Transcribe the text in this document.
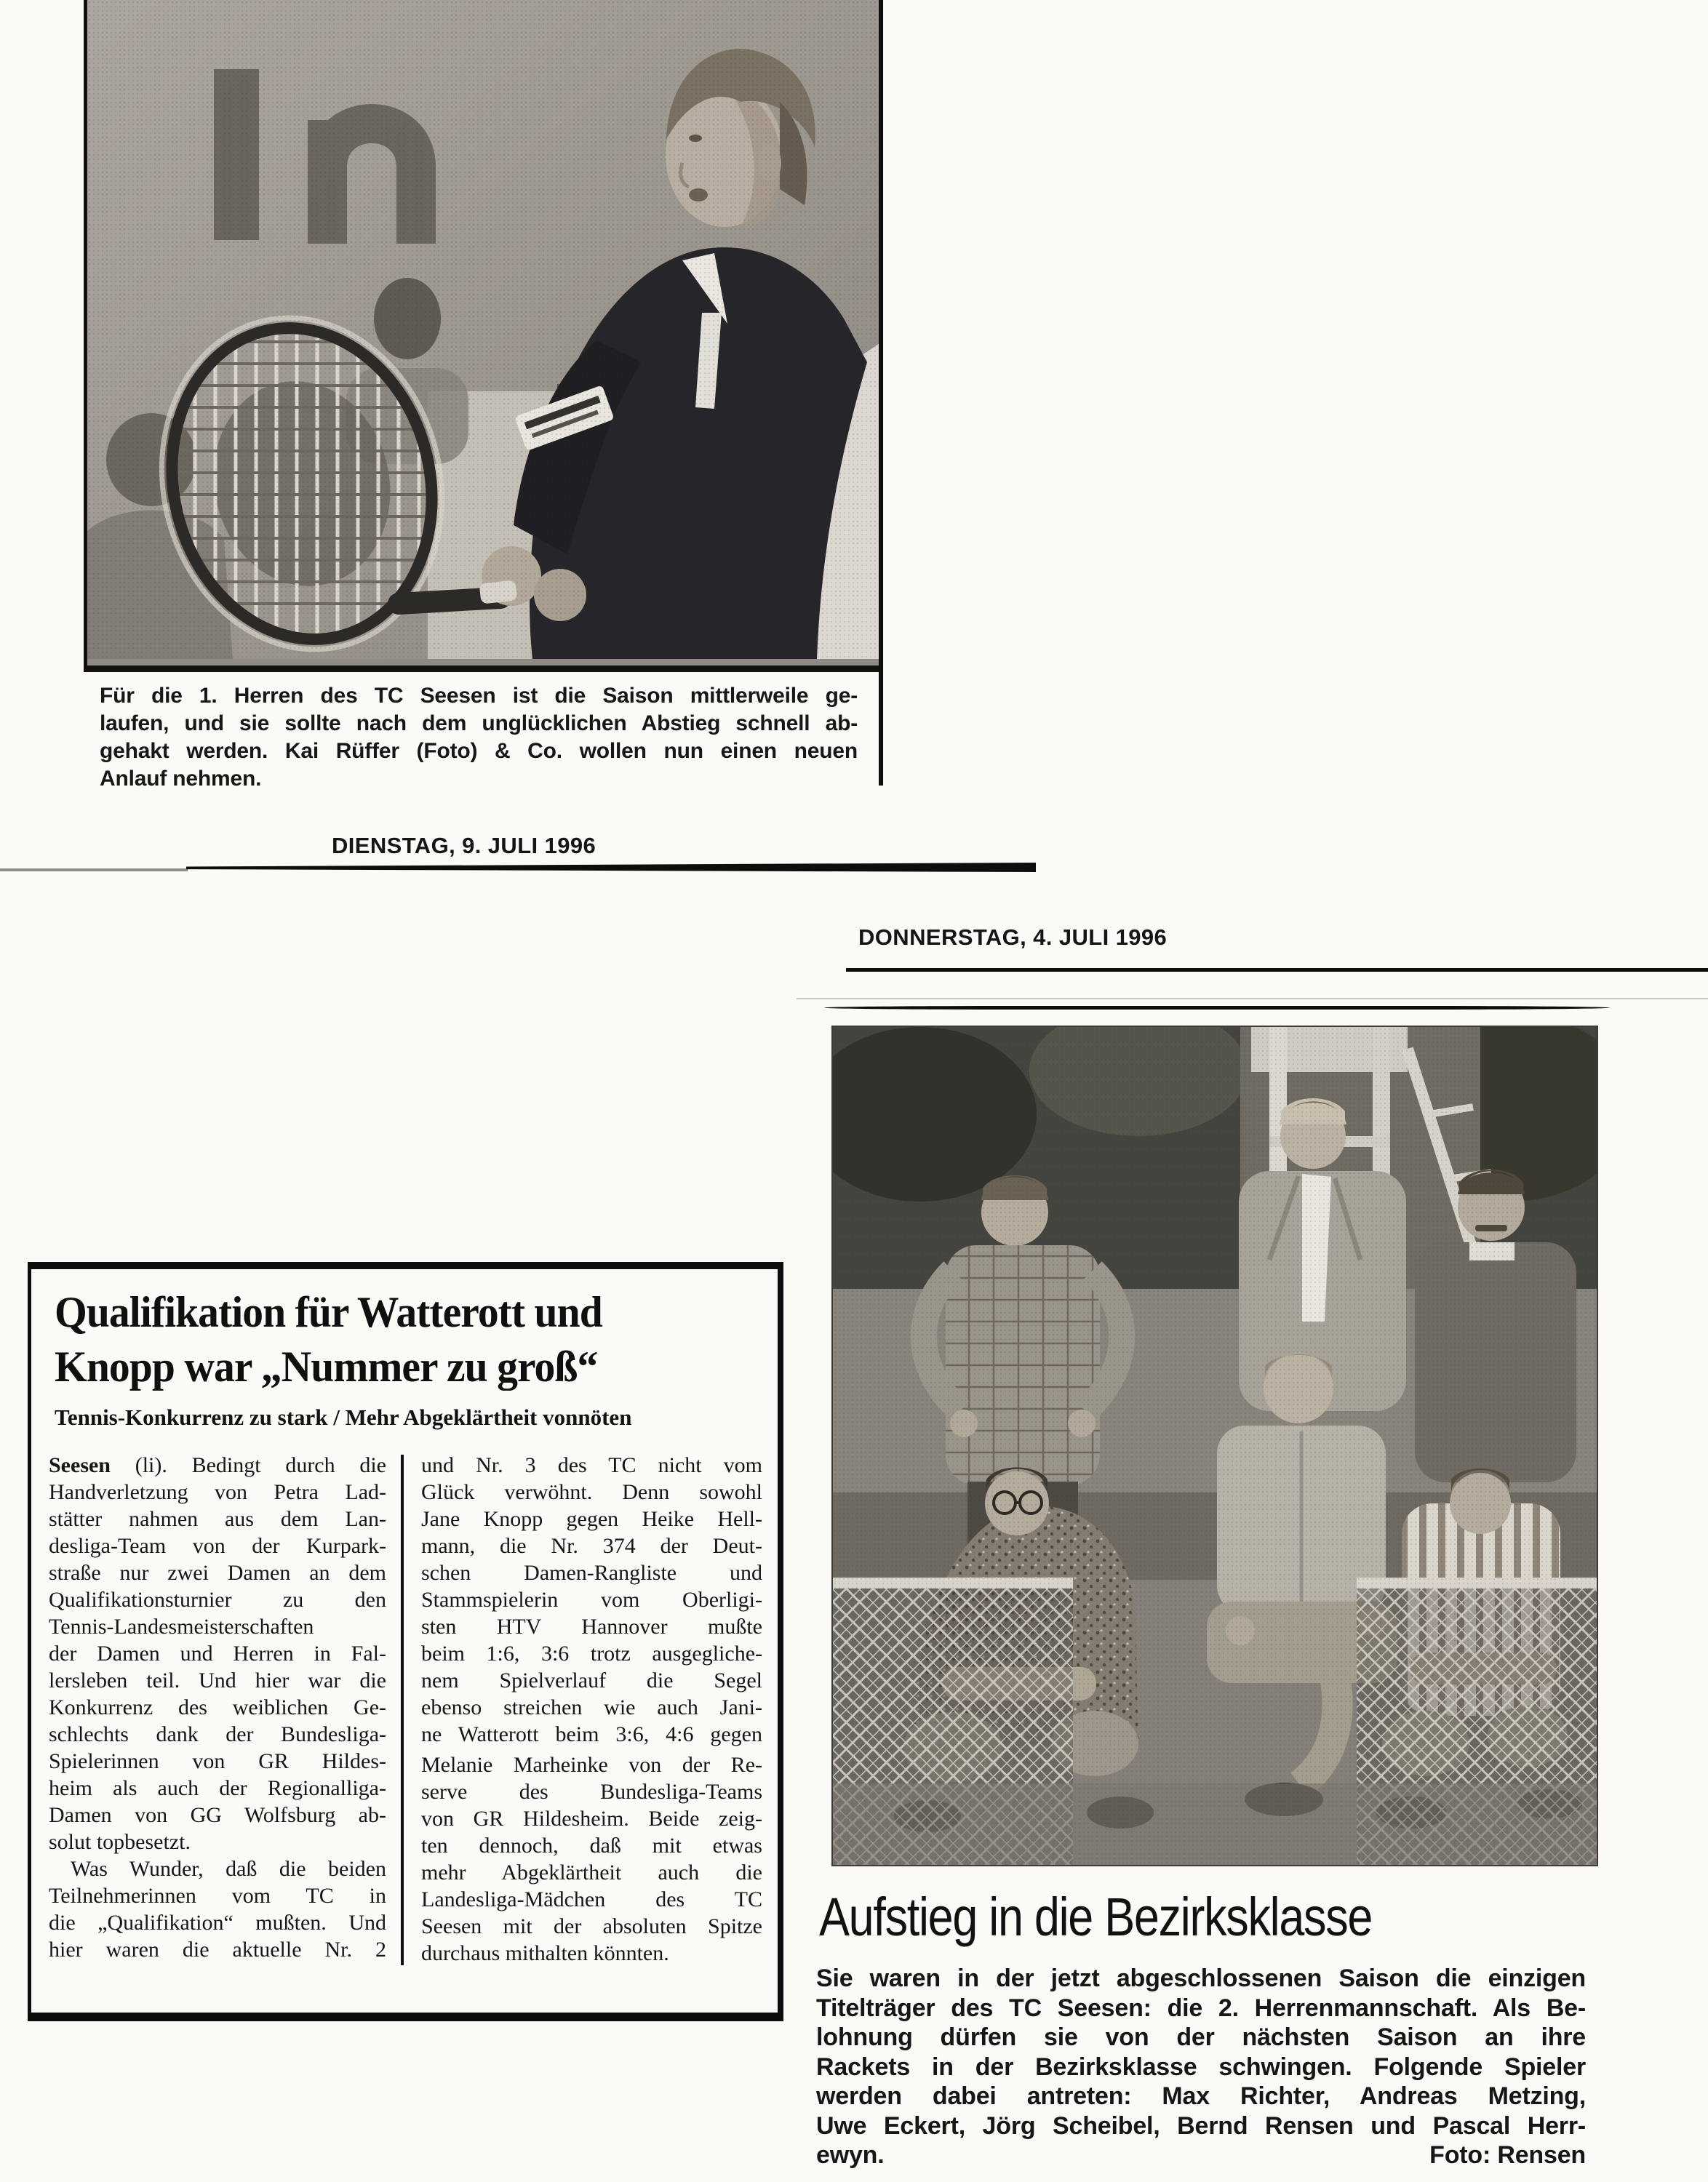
Für die 1. Herren des TC Seesen ist die Saison mittlerweile ge-
laufen, und sie sollte nach dem unglücklichen Abstieg schnell ab-
gehakt werden. Kai Rüffer (Foto) & Co. wollen nun einen neuen
Anlauf nehmen.
DIENSTAG, 9. JULI 1996
DONNERSTAG, 4. JULI 1996
Aufstieg in die Bezirksklasse
Sie waren in der jetzt abgeschlossenen Saison die einzigen
Titelträger des TC Seesen: die 2. Herrenmannschaft. Als Be-
lohnung dürfen sie von der nächsten Saison an ihre
Rackets in der Bezirksklasse schwingen. Folgende Spieler
werden dabei antreten: Max Richter, Andreas Metzing,
Uwe Eckert, Jörg Scheibel, Bernd Rensen und Pascal Herr-
ewyn.	Foto: Rensen
Qualifikation für Watterott und
Knopp war „Nummer zu groß“
Tennis-Konkurrenz zu stark / Mehr Abgeklärtheit vonnöten
Seesen (li). Bedingt durch die
Handverletzung von Petra Lad-
stätter nahmen aus dem Lan-
desliga-Team von der Kurpark-
straße nur zwei Damen an dem
Qualifikationsturnier zu den
Tennis-Landesmeisterschaften
der Damen und Herren in Fal-
lersleben teil. Und hier war die
Konkurrenz des weiblichen Ge-
schlechts dank der Bundesliga-
Spielerinnen von GR Hildes-
heim als auch der Regionalliga-
Damen von GG Wolfsburg ab-
solut topbesetzt.
Was Wunder, daß die beiden
Teilnehmerinnen vom TC in
die „Qualifikation“ mußten. Und
hier waren die aktuelle Nr. 2
und Nr. 3 des TC nicht vom
Glück verwöhnt. Denn sowohl
Jane Knopp gegen Heike Hell-
mann, die Nr. 374 der Deut-
schen Damen-Rangliste und
Stammspielerin vom Oberligi-
sten HTV Hannover mußte
beim 1:6, 3:6 trotz ausgegliche-
nem Spielverlauf die Segel
ebenso streichen wie auch Jani-
ne Watterott beim 3:6, 4:6 gegen
Melanie Marheinke von der Re-
serve des Bundesliga-Teams
von GR Hildesheim. Beide zeig-
ten dennoch, daß mit etwas
mehr Abgeklärtheit auch die
Landesliga-Mädchen des TC
Seesen mit der absoluten Spitze
durchaus mithalten könnten.
